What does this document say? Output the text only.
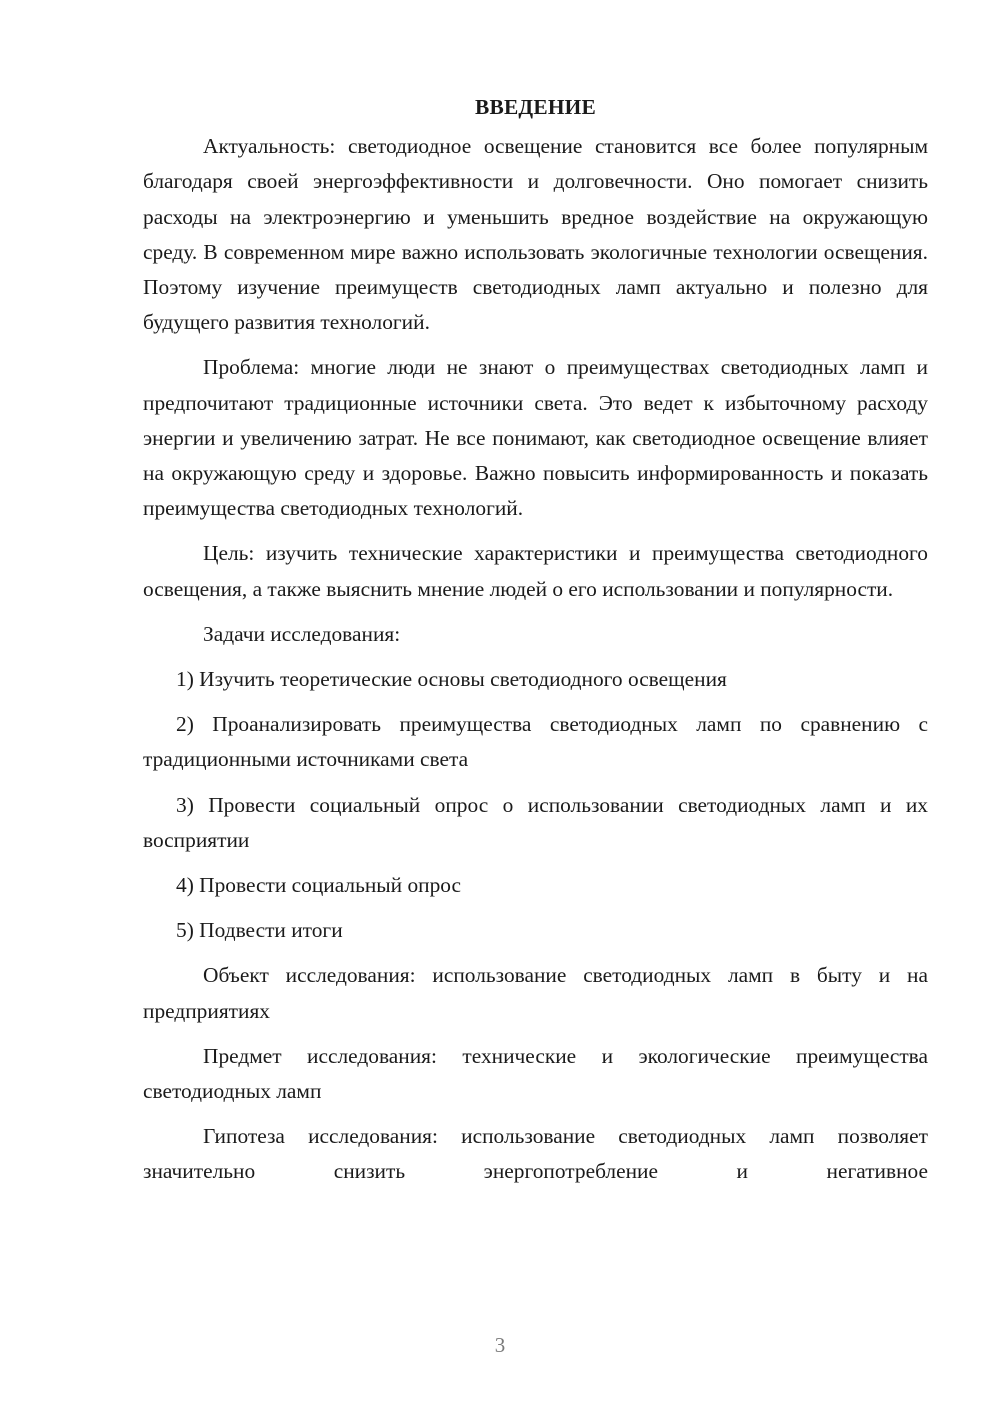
ВВЕДЕНИЕ

Актуальность: светодиодное освещение становится все более популярным благодаря своей энергоэффективности и долговечности. Оно помогает снизить расходы на электроэнергию и уменьшить вредное воздействие на окружающую среду. В современном мире важно использовать экологичные технологии освещения. Поэтому изучение преимуществ светодиодных ламп актуально и полезно для будущего развития технологий.

Проблема: многие люди не знают о преимуществах светодиодных ламп и предпочитают традиционные источники света. Это ведет к избыточному расходу энергии и увеличению затрат. Не все понимают, как светодиодное освещение влияет на окружающую среду и здоровье. Важно повысить информированность и показать преимущества светодиодных технологий.

Цель: изучить технические характеристики и преимущества светодиодного освещения, а также выяснить мнение людей о его использовании и популярности.

Задачи исследования:

1) Изучить теоретические основы светодиодного освещения

2) Проанализировать преимущества светодиодных ламп по сравнению с традиционными источниками света

3) Провести социальный опрос о использовании светодиодных ламп и их восприятии

4) Провести социальный опрос

5) Подвести итоги

Объект исследования: использование светодиодных ламп в быту и на предприятиях

Предмет исследования: технические и экологические преимущества светодиодных ламп

Гипотеза исследования: использование светодиодных ламп позволяет значительно снизить энергопотребление и негативное

3
